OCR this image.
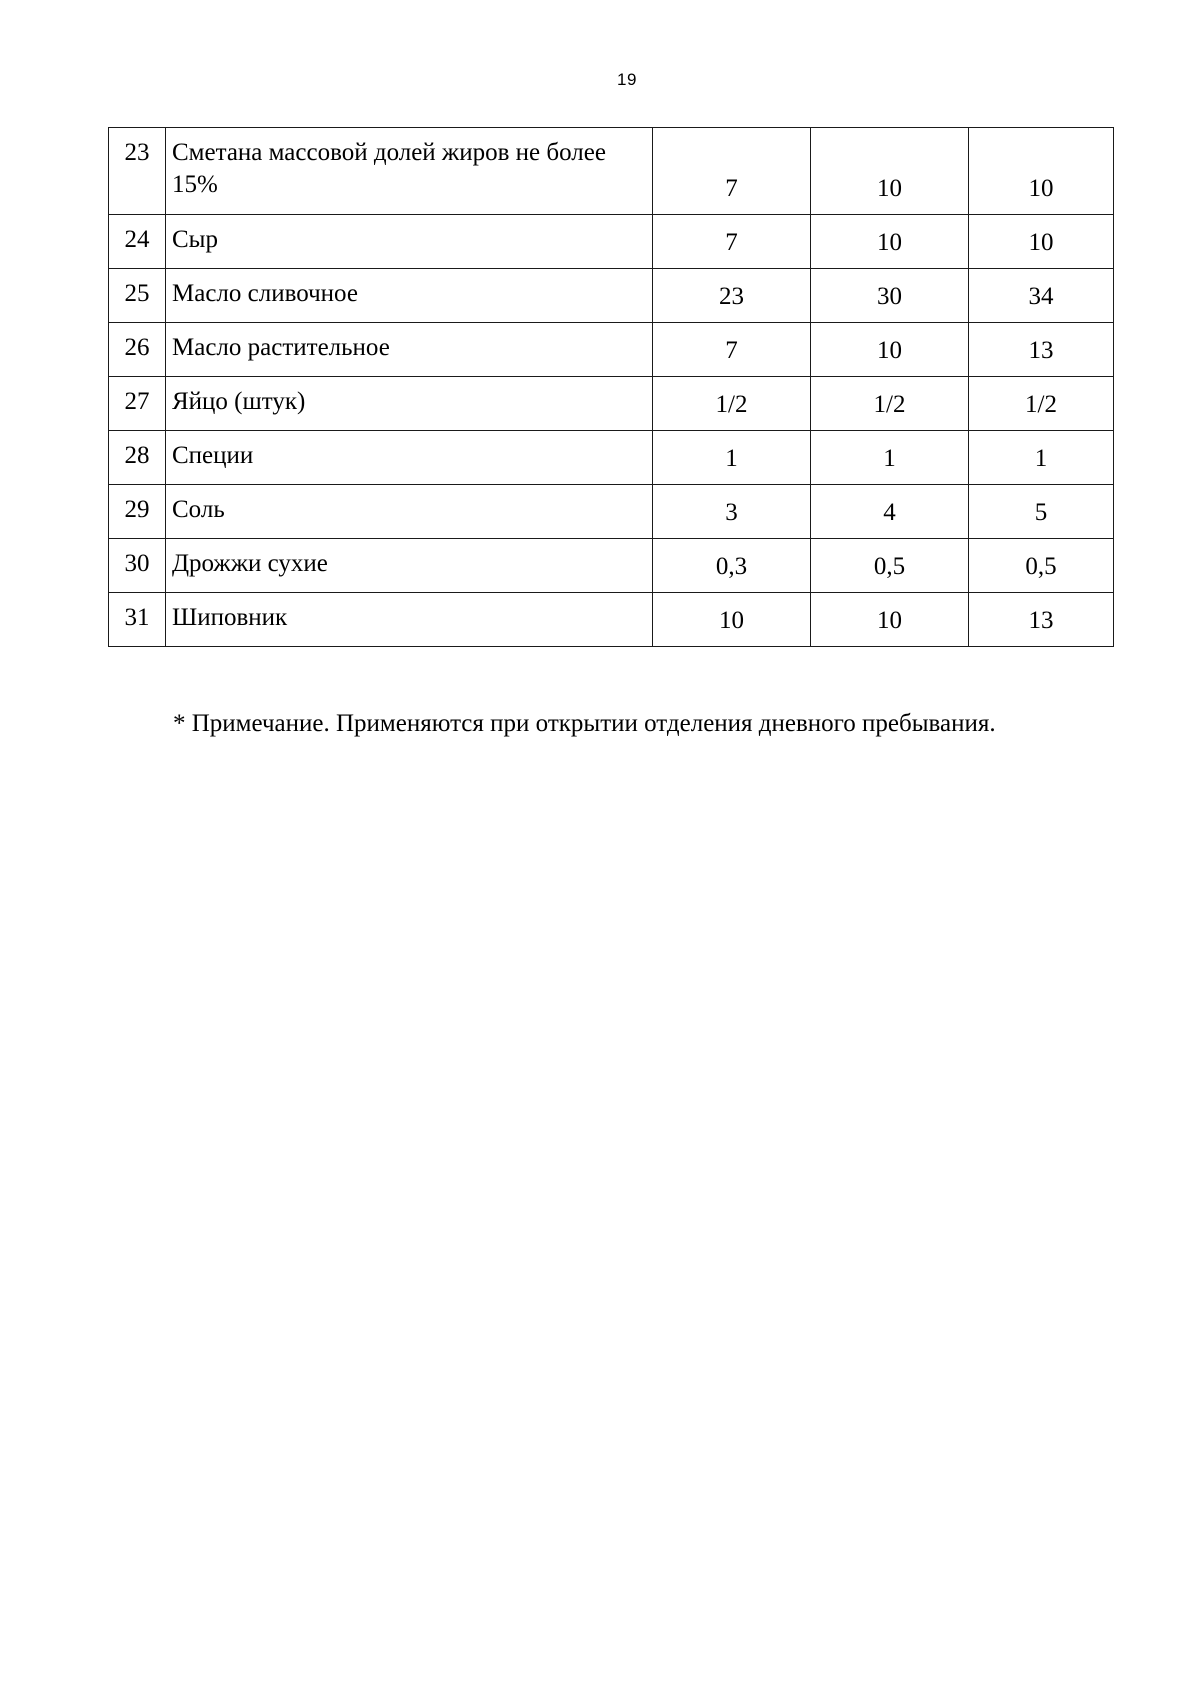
19
23	Сметана массовой долей жиров не более 15%	7	10	10
24	Сыр	7	10	10
25	Масло сливочное	23	30	34
26	Масло растительное	7	10	13
27	Яйцо (штук)	1/2	1/2	1/2
28	Специи	1	1	1
29	Соль	3	4	5
30	Дрожжи сухие	0,3	0,5	0,5
31	Шиповник	10	10	13

* Примечание. Применяются при открытии отделения дневного пребывания.
